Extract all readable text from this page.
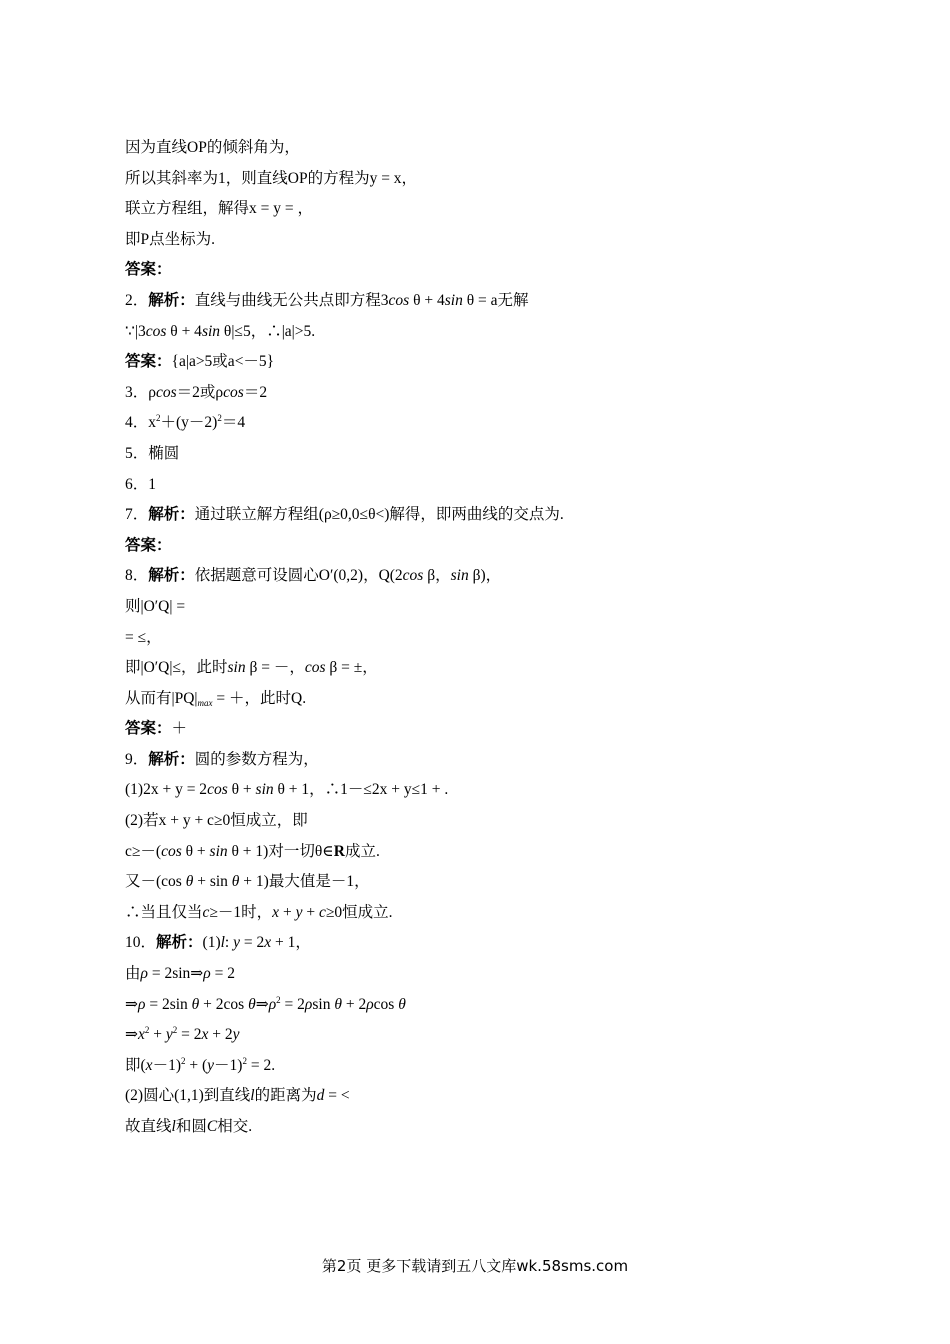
因为直线OP的倾斜角为，
所以其斜率为1，则直线OP的方程为y = x，
联立方程组，解得x = y = ，
即P点坐标为.
答案：
2．解析：直线与曲线无公共点即方程3cos θ + 4sin θ = a无解
∵|3cos θ + 4sin θ|≤5，∴|a|>5.
答案：{a|a>5或a<－5}
3．ρcos＝2或ρcos＝2
4．$x^2+(y-2)^2=4$
5．椭圆
6．1
7．解析：通过联立解方程组(ρ≥0,0≤θ<)解得，即两曲线的交点为.
答案：
8．解析：依据题意可设圆心O′(0,2)，Q(2cos β，sin β)，
则|O′Q| =
= ≤，
即|O′Q|≤，此时sin β = －，cos β = ±，
从而有$|PQ|_{max}$ = ＋，此时Q.
答案：＋
9．解析：圆的参数方程为，
(1)2x + y = 2cos θ + sin θ + 1，∴1－≤2x + y≤1 + .
(2)若x + y + c≥0恒成立，即
c≥－(cos θ + sin θ + 1)对一切θ∈R成立.
又－(cos θ + sin θ + 1)最大值是－1，
∴当且仅当c≥－1时，x + y + c≥0恒成立.
10．解析：(1)l: y = 2x + 1，
由ρ = 2sin⇒ρ = 2
⇒ρ = 2sin θ + 2cos $\theta\Rightarrow\rho^2 = 2\rho\sin$ θ + 2ρcos θ
$\Rightarrow x^2 + y^2 = 2x + 2y$
即$(x-1)^2 + (y-1)^2 = 2$.
(2)圆心(1,1)到直线l的距离为d = <
故直线l和圆C相交.
第2页 更多下载请到五八文库wk.58sms.com
